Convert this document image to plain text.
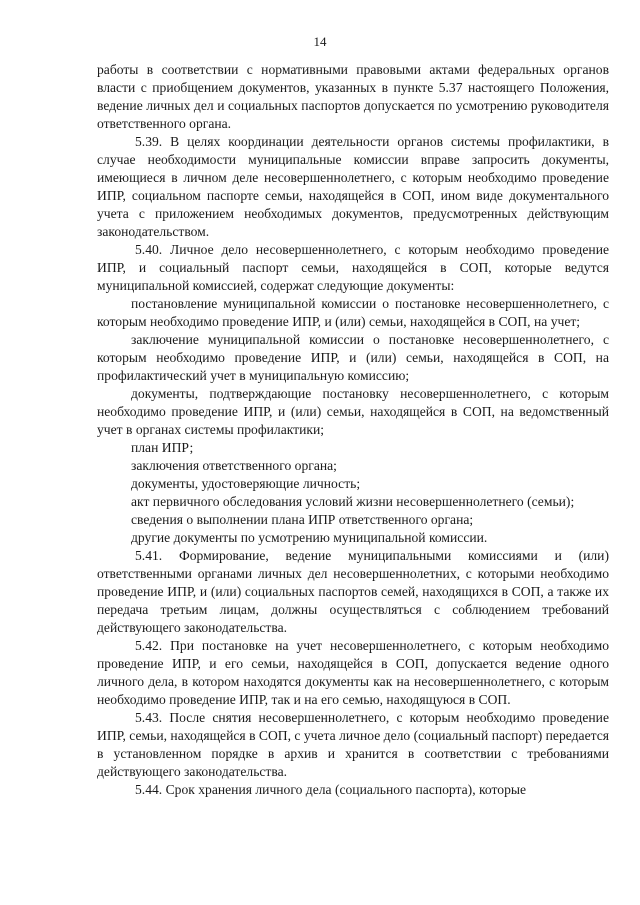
14

работы в соответствии с нормативными правовыми актами федеральных органов власти с приобщением документов, указанных в пункте 5.37 настоящего Положения, ведение личных дел и социальных паспортов допускается по усмотрению руководителя ответственного органа.

5.39. В целях координации деятельности органов системы профилактики, в случае необходимости муниципальные комиссии вправе запросить документы, имеющиеся в личном деле несовершеннолетнего, с которым необходимо проведение ИПР, социальном паспорте семьи, находящейся в СОП, ином виде документального учета с приложением необходимых документов, предусмотренных действующим законодательством.

5.40. Личное дело несовершеннолетнего, с которым необходимо проведение ИПР, и социальный паспорт семьи, находящейся в СОП, которые ведутся муниципальной комиссией, содержат следующие документы:

постановление муниципальной комиссии о постановке несовершеннолетнего, с которым необходимо проведение ИПР, и (или) семьи, находящейся в СОП, на учет;

заключение муниципальной комиссии о постановке несовершеннолетнего, с которым необходимо проведение ИПР, и (или) семьи, находящейся в СОП, на профилактический учет в муниципальную комиссию;

документы, подтверждающие постановку несовершеннолетнего, с которым необходимо проведение ИПР, и (или) семьи, находящейся в СОП, на ведомственный учет в органах системы профилактики;

план ИПР;

заключения ответственного органа;

документы, удостоверяющие личность;

акт первичного обследования условий жизни несовершеннолетнего (семьи);

сведения о выполнении плана ИПР ответственного органа;

другие документы по усмотрению муниципальной комиссии.

5.41. Формирование, ведение муниципальными комиссиями и (или) ответственными органами личных дел несовершеннолетних, с которыми необходимо проведение ИПР, и (или) социальных паспортов семей, находящихся в СОП, а также их передача третьим лицам, должны осуществляться с соблюдением требований действующего законодательства.

5.42. При постановке на учет несовершеннолетнего, с которым необходимо проведение ИПР, и его семьи, находящейся в СОП, допускается ведение одного личного дела, в котором находятся документы как на несовершеннолетнего, с которым необходимо проведение ИПР, так и на его семью, находящуюся в СОП.

5.43. После снятия несовершеннолетнего, с которым необходимо проведение ИПР, семьи, находящейся в СОП, с учета личное дело (социальный паспорт) передается в установленном порядке в архив и хранится в соответствии с требованиями действующего законодательства.

5.44. Срок хранения личного дела (социального паспорта), которые
